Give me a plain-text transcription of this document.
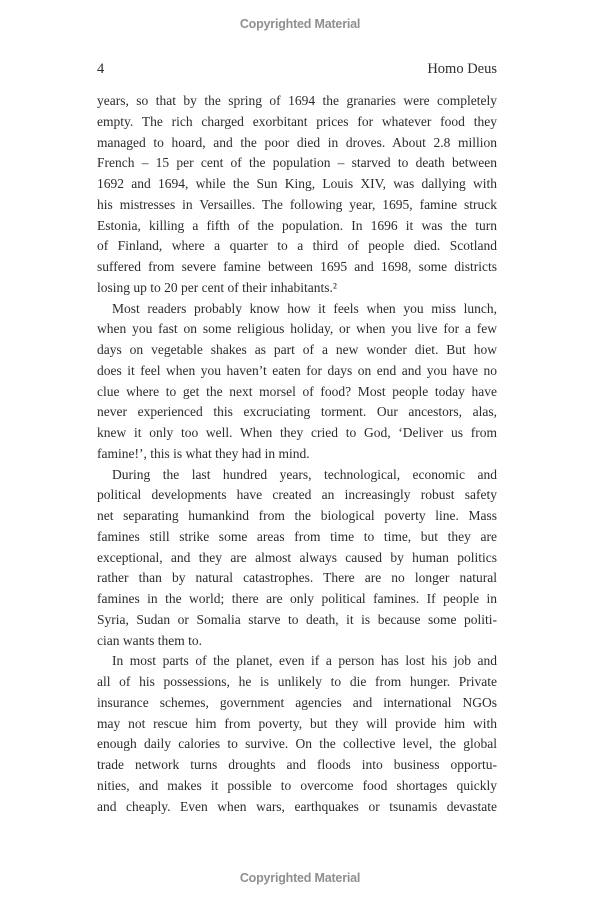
Copyrighted Material
4	Homo Deus
years, so that by the spring of 1694 the granaries were completely
empty. The rich charged exorbitant prices for whatever food they
managed to hoard, and the poor died in droves. About 2.8 million
French – 15 per cent of the population – starved to death between
1692 and 1694, while the Sun King, Louis XIV, was dallying with
his mistresses in Versailles. The following year, 1695, famine struck
Estonia, killing a fifth of the population. In 1696 it was the turn
of Finland, where a quarter to a third of people died. Scotland
suffered from severe famine between 1695 and 1698, some districts
losing up to 20 per cent of their inhabitants.²
Most readers probably know how it feels when you miss lunch,
when you fast on some religious holiday, or when you live for a few
days on vegetable shakes as part of a new wonder diet. But how
does it feel when you haven’t eaten for days on end and you have no
clue where to get the next morsel of food? Most people today have
never experienced this excruciating torment. Our ancestors, alas,
knew it only too well. When they cried to God, ‘Deliver us from
famine!’, this is what they had in mind.
During the last hundred years, technological, economic and
political developments have created an increasingly robust safety
net separating humankind from the biological poverty line. Mass
famines still strike some areas from time to time, but they are
exceptional, and they are almost always caused by human politics
rather than by natural catastrophes. There are no longer natural
famines in the world; there are only political famines. If people in
Syria, Sudan or Somalia starve to death, it is because some politi-
cian wants them to.
In most parts of the planet, even if a person has lost his job and
all of his possessions, he is unlikely to die from hunger. Private
insurance schemes, government agencies and international NGOs
may not rescue him from poverty, but they will provide him with
enough daily calories to survive. On the collective level, the global
trade network turns droughts and floods into business opportu-
nities, and makes it possible to overcome food shortages quickly
and cheaply. Even when wars, earthquakes or tsunamis devastate
Copyrighted Material
